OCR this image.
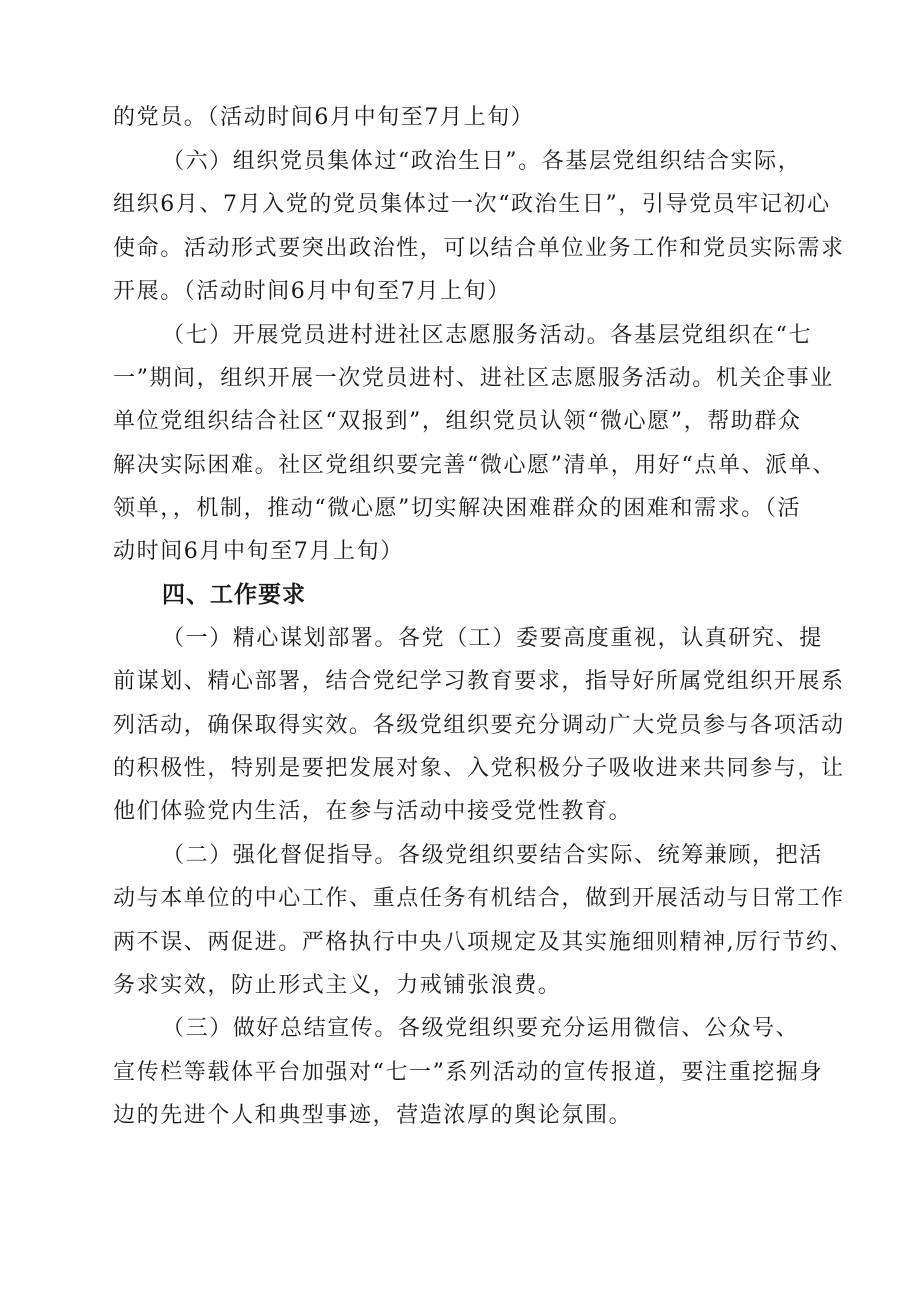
的党员。（活动时间6月中旬至7月上旬）
（六）组织党员集体过“政治生日”。各基层党组织结合实际，
组织6月、7月入党的党员集体过一次“政治生日”，引导党员牢记初心
使命。活动形式要突出政治性，可以结合单位业务工作和党员实际需求
开展。（活动时间6月中旬至7月上旬）
（七）开展党员进村进社区志愿服务活动。各基层党组织在“七
一”期间，组织开展一次党员进村、进社区志愿服务活动。机关企事业
单位党组织结合社区“双报到”，组织党员认领“微心愿”，帮助群众
解决实际困难。社区党组织要完善“微心愿”清单，用好“点单、派单、
领单，，机制，推动“微心愿”切实解决困难群众的困难和需求。（活
动时间6月中旬至7月上旬）
四、工作要求
（一）精心谋划部署。各党（工）委要高度重视，认真研究、提
前谋划、精心部署，结合党纪学习教育要求，指导好所属党组织开展系
列活动，确保取得实效。各级党组织要充分调动广大党员参与各项活动
的积极性，特别是要把发展对象、入党积极分子吸收进来共同参与，让
他们体验党内生活，在参与活动中接受党性教育。
（二）强化督促指导。各级党组织要结合实际、统筹兼顾，把活
动与本单位的中心工作、重点任务有机结合，做到开展活动与日常工作
两不误、两促进。严格执行中央八项规定及其实施细则精神,厉行节约、
务求实效，防止形式主义，力戒铺张浪费。
（三）做好总结宣传。各级党组织要充分运用微信、公众号、
宣传栏等载体平台加强对“七一”系列活动的宣传报道，要注重挖掘身
边的先进个人和典型事迹，营造浓厚的舆论氛围。
